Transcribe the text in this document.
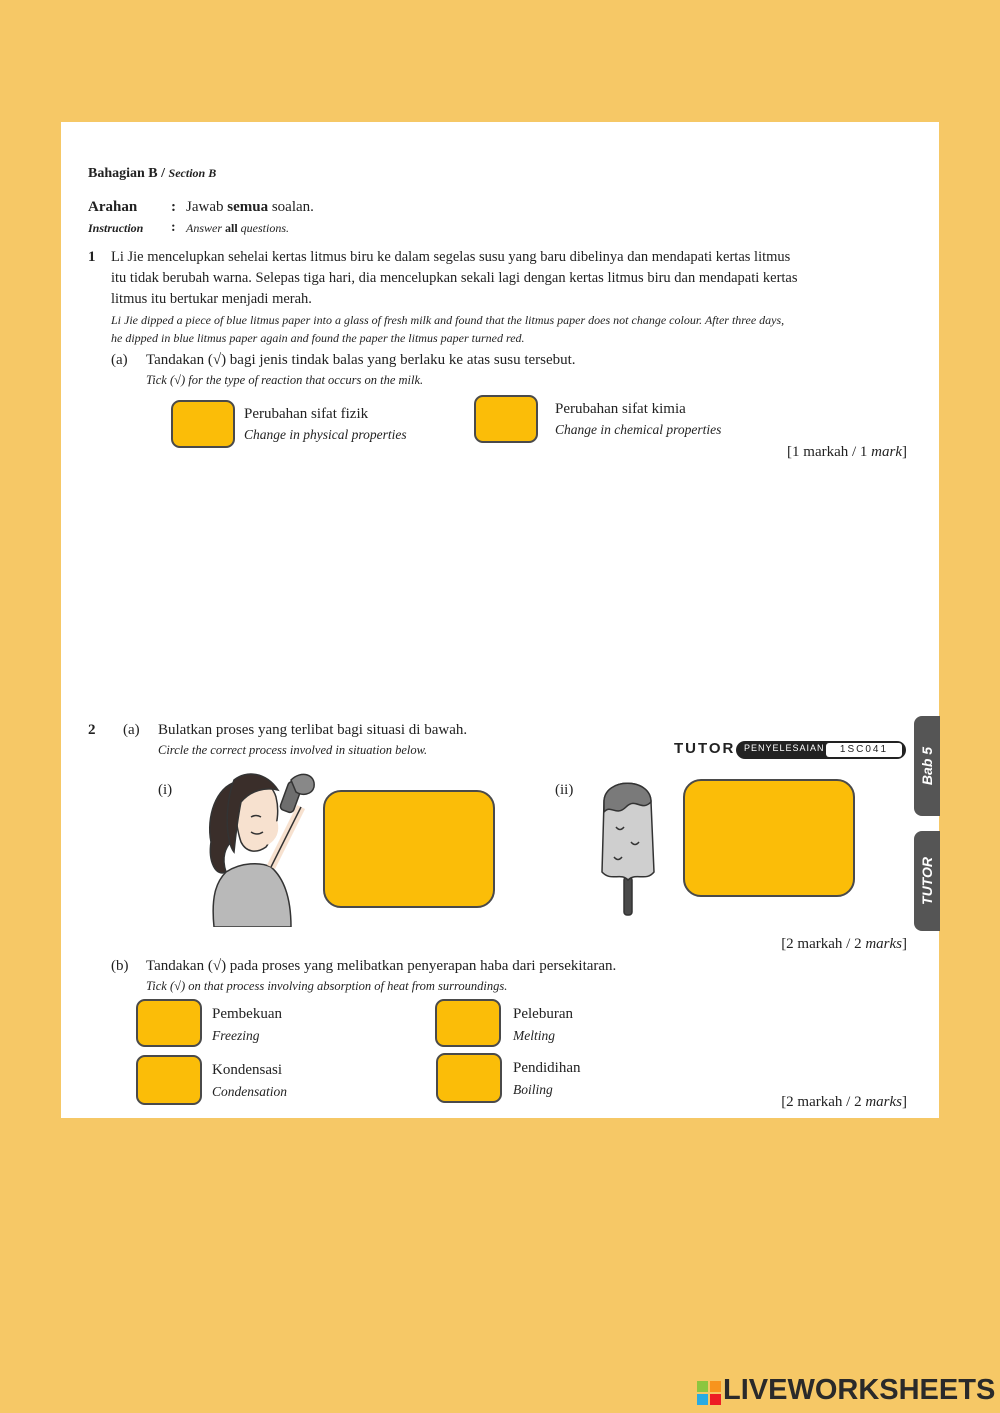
Bahagian B / Section B
Arahan : Jawab semua soalan.
Instruction : Answer all questions.
1 Li Jie mencelupkan sehelai kertas litmus biru ke dalam segelas susu yang baru dibelinya dan mendapati kertas litmus
itu tidak berubah warna. Selepas tiga hari, dia mencelupkan sekali lagi dengan kertas litmus biru dan mendapati kertas
litmus itu bertukar menjadi merah.
Li Jie dipped a piece of blue litmus paper into a glass of fresh milk and found that the litmus paper does not change colour. After three days,
he dipped in blue litmus paper again and found the paper the litmus paper turned red.
(a) Tandakan (√) bagi jenis tindak balas yang berlaku ke atas susu tersebut.
Tick (√) for the type of reaction that occurs on the milk.
Perubahan sifat fizik
Change in physical properties
Perubahan sifat kimia
Change in chemical properties
[1 markah / 1 mark]
2 (a) Bulatkan proses yang terlibat bagi situasi di bawah.
Circle the correct process involved in situation below.
(i)	(ii)
[2 markah / 2 marks]
(b) Tandakan (√) pada proses yang melibatkan penyerapan haba dari persekitaran.
Tick (√) on that process involving absorption of heat from surroundings.
Pembekuan
Freezing
Peleburan
Melting
Kondensasi
Condensation
Pendidihan
Boiling
[2 markah / 2 marks]
TUTOR PENYELESAIAN	1SC041	Bab 5
TUTOR
LIVEWORKSHEETS
